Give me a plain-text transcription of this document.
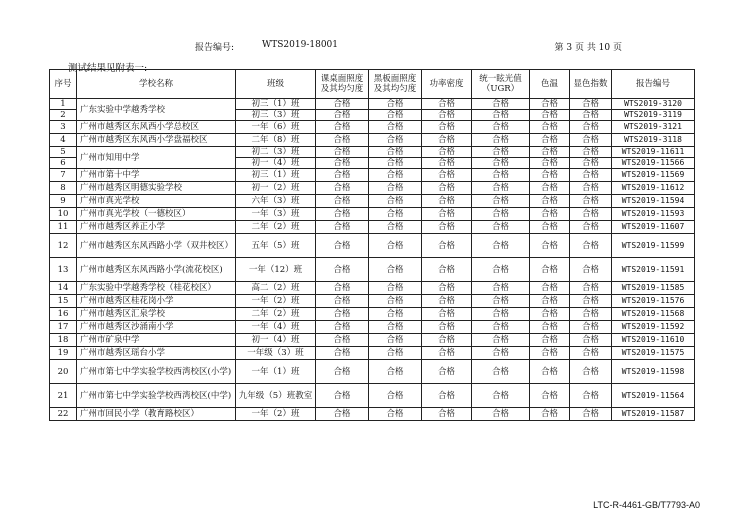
报告编号:	WTS2019-18001	第 3 页 共 10 页
测试结果见附表一:
序号	学校名称	班级	课桌面照度及其均匀度	黑板面照度及其均匀度	功率密度	统一眩光值（UGR）	色温	显色指数	报告编号
1	广东实验中学越秀学校	初三（1）班	合格	合格	合格	合格	合格	合格	WTS2019-3120
2		初三（3）班	合格	合格	合格	合格	合格	合格	WTS2019-3119
3	广州市越秀区东风西小学总校区	一年（6）班	合格	合格	合格	合格	合格	合格	WTS2019-3121
4	广州市越秀区东风西小学盘福校区	二年（8）班	合格	合格	合格	合格	合格	合格	WTS2019-3118
5	广州市知用中学	初二（3）班	合格	合格	合格	合格	合格	合格	WTS2019-11611
6		初一（4）班	合格	合格	合格	合格	合格	合格	WTS2019-11566
7	广州市第十中学	初三（1）班	合格	合格	合格	合格	合格	合格	WTS2019-11569
8	广州市越秀区明德实验学校	初一（2）班	合格	合格	合格	合格	合格	合格	WTS2019-11612
9	广州市真光学校	六年（3）班	合格	合格	合格	合格	合格	合格	WTS2019-11594
10	广州市真光学校（一德校区）	一年（3）班	合格	合格	合格	合格	合格	合格	WTS2019-11593
11	广州市越秀区养正小学	二年（2）班	合格	合格	合格	合格	合格	合格	WTS2019-11607
12	广州市越秀区东风西路小学（双井校区）	五年（5）班	合格	合格	合格	合格	合格	合格	WTS2019-11599
13	广州市越秀区东风西路小学(流花校区)	一年（12）班	合格	合格	合格	合格	合格	合格	WTS2019-11591
14	广东实验中学越秀学校（桂花校区）	高二（2）班	合格	合格	合格	合格	合格	合格	WTS2019-11585
15	广州市越秀区桂花岗小学	一年（2）班	合格	合格	合格	合格	合格	合格	WTS2019-11576
16	广州市越秀区汇泉学校	二年（2）班	合格	合格	合格	合格	合格	合格	WTS2019-11568
17	广州市越秀区沙涌南小学	一年（4）班	合格	合格	合格	合格	合格	合格	WTS2019-11592
18	广州市矿泉中学	初一（4）班	合格	合格	合格	合格	合格	合格	WTS2019-11610
19	广州市越秀区瑶台小学	一年级（3）班	合格	合格	合格	合格	合格	合格	WTS2019-11575
20	广州市第七中学实验学校西湾校区(小学)	一年（1）班	合格	合格	合格	合格	合格	合格	WTS2019-11598
21	广州市第七中学实验学校西湾校区(中学)	九年级（5）班教室	合格	合格	合格	合格	合格	合格	WTS2019-11564
22	广州市回民小学（教育路校区）	一年（2）班	合格	合格	合格	合格	合格	合格	WTS2019-11587
LTC-R-4461-GB/T7793-A0
